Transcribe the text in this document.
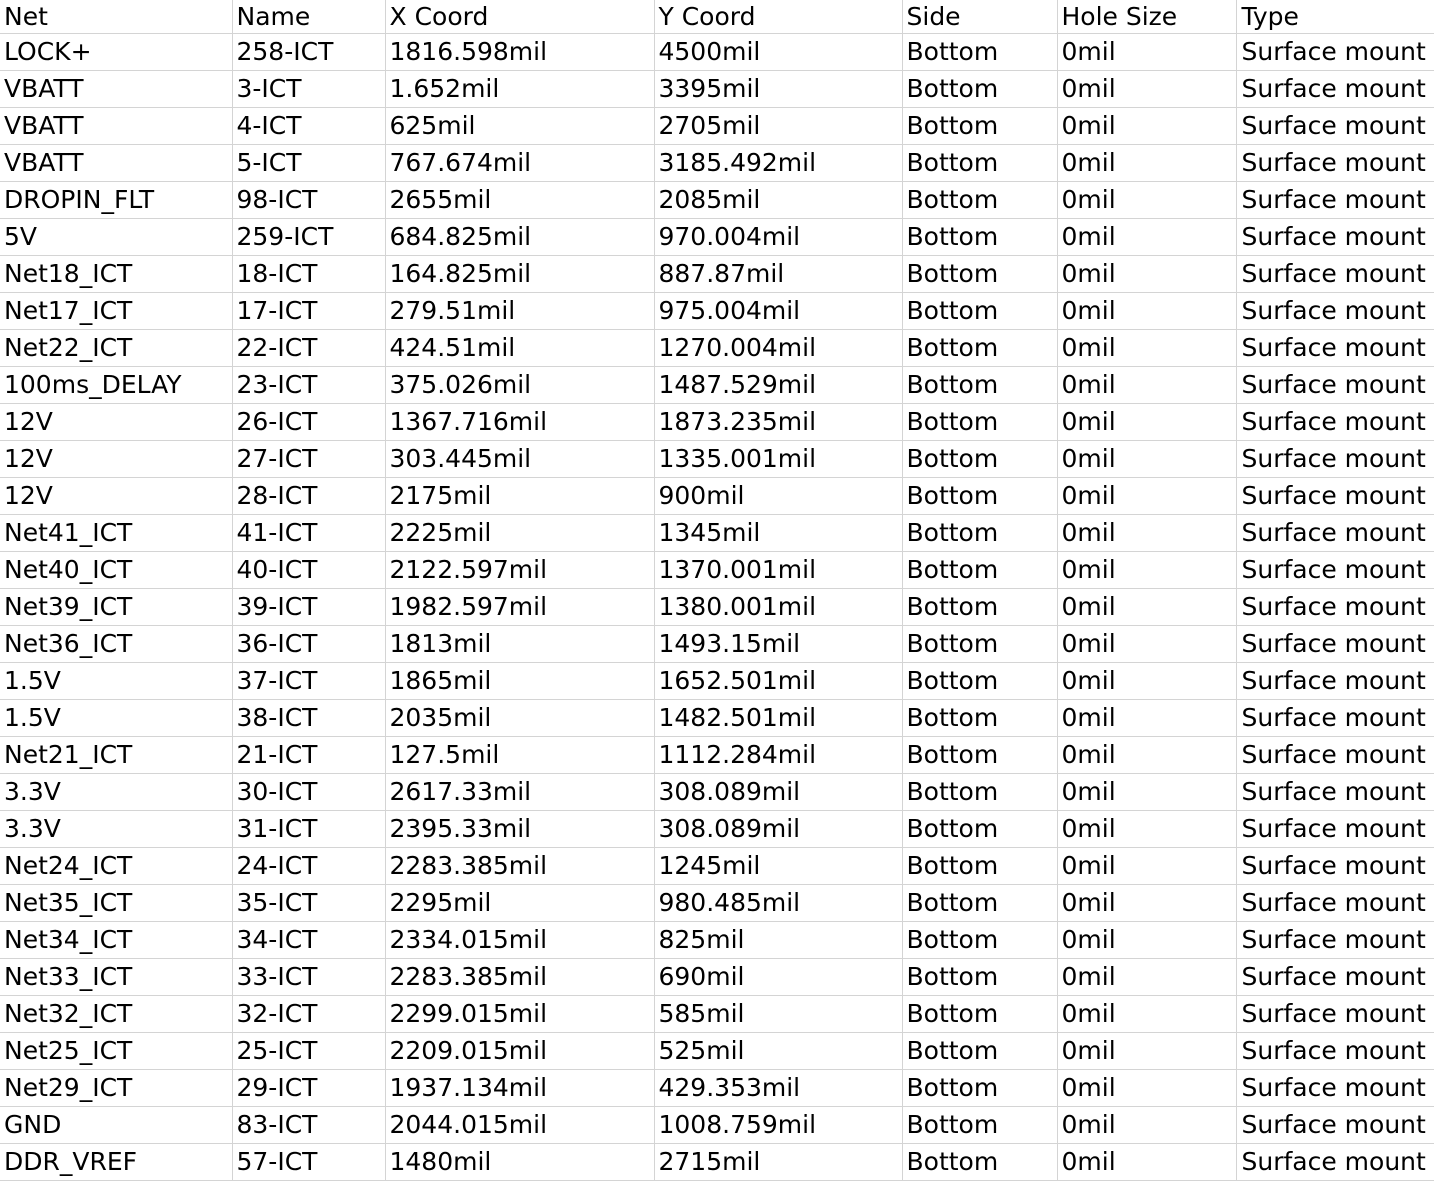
Net	Name	X Coord	Y Coord	Side	Hole Size	Type
LOCK+	258-ICT	1816.598mil	4500mil	Bottom	0mil	Surface mount
VBATT	3-ICT	1.652mil	3395mil	Bottom	0mil	Surface mount
VBATT	4-ICT	625mil	2705mil	Bottom	0mil	Surface mount
VBATT	5-ICT	767.674mil	3185.492mil	Bottom	0mil	Surface mount
DROPIN_FLT	98-ICT	2655mil	2085mil	Bottom	0mil	Surface mount
5V	259-ICT	684.825mil	970.004mil	Bottom	0mil	Surface mount
Net18_ICT	18-ICT	164.825mil	887.87mil	Bottom	0mil	Surface mount
Net17_ICT	17-ICT	279.51mil	975.004mil	Bottom	0mil	Surface mount
Net22_ICT	22-ICT	424.51mil	1270.004mil	Bottom	0mil	Surface mount
100ms_DELAY	23-ICT	375.026mil	1487.529mil	Bottom	0mil	Surface mount
12V	26-ICT	1367.716mil	1873.235mil	Bottom	0mil	Surface mount
12V	27-ICT	303.445mil	1335.001mil	Bottom	0mil	Surface mount
12V	28-ICT	2175mil	900mil	Bottom	0mil	Surface mount
Net41_ICT	41-ICT	2225mil	1345mil	Bottom	0mil	Surface mount
Net40_ICT	40-ICT	2122.597mil	1370.001mil	Bottom	0mil	Surface mount
Net39_ICT	39-ICT	1982.597mil	1380.001mil	Bottom	0mil	Surface mount
Net36_ICT	36-ICT	1813mil	1493.15mil	Bottom	0mil	Surface mount
1.5V	37-ICT	1865mil	1652.501mil	Bottom	0mil	Surface mount
1.5V	38-ICT	2035mil	1482.501mil	Bottom	0mil	Surface mount
Net21_ICT	21-ICT	127.5mil	1112.284mil	Bottom	0mil	Surface mount
3.3V	30-ICT	2617.33mil	308.089mil	Bottom	0mil	Surface mount
3.3V	31-ICT	2395.33mil	308.089mil	Bottom	0mil	Surface mount
Net24_ICT	24-ICT	2283.385mil	1245mil	Bottom	0mil	Surface mount
Net35_ICT	35-ICT	2295mil	980.485mil	Bottom	0mil	Surface mount
Net34_ICT	34-ICT	2334.015mil	825mil	Bottom	0mil	Surface mount
Net33_ICT	33-ICT	2283.385mil	690mil	Bottom	0mil	Surface mount
Net32_ICT	32-ICT	2299.015mil	585mil	Bottom	0mil	Surface mount
Net25_ICT	25-ICT	2209.015mil	525mil	Bottom	0mil	Surface mount
Net29_ICT	29-ICT	1937.134mil	429.353mil	Bottom	0mil	Surface mount
GND	83-ICT	2044.015mil	1008.759mil	Bottom	0mil	Surface mount
DDR_VREF	57-ICT	1480mil	2715mil	Bottom	0mil	Surface mount
